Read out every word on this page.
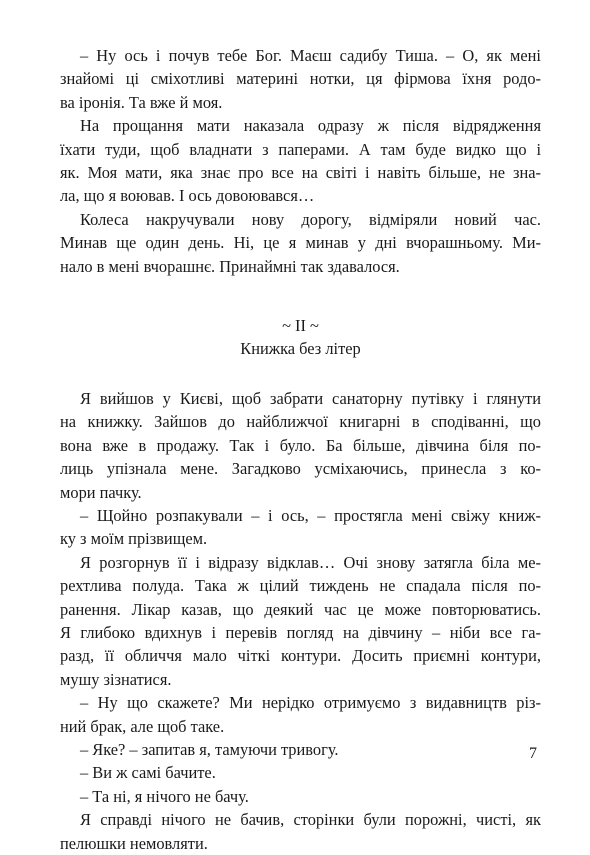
– Ну ось і почув тебе Бог. Маєш садибу Тиша. – О, як мені
знайомі ці сміхотливі материні нотки, ця фірмова їхня родо-
ва іронія. Та вже й моя.

На прощання мати наказала одразу ж після відрядження
їхати туди, щоб владнати з паперами. А там буде видко що і
як. Моя мати, яка знає про все на світі і навіть більше, не зна-
ла, що я воював. І ось довоювався…

Колеса накручували нову дорогу, відміряли новий час.
Минав ще один день. Ні, це я минав у дні вчорашньому. Ми-
нало в мені вчорашнє. Принаймні так здавалося.

~ II ~
Книжка без літер

Я вийшов у Києві, щоб забрати санаторну путівку і глянути
на книжку. Зайшов до найближчої книгарні в сподіванні, що
вона вже в продажу. Так і було. Ба більше, дівчина біля по-
лиць упізнала мене. Загадково усміхаючись, принесла з ко-
мори пачку.

– Щойно розпакували – і ось, – простягла мені свіжу книж-
ку з моїм прізвищем.

Я розгорнув її і відразу відклав… Очі знову затягла біла ме-
рехтлива полуда. Така ж цілий тиждень не спадала після по-
ранення. Лікар казав, що деякий час це може повторюватись.
Я глибоко вдихнув і перевів погляд на дівчину – ніби все га-
разд, її обличчя мало чіткі контури. Досить приємні контури,
мушу зізнатися.

– Ну що скажете? Ми нерідко отримуємо з видавництв різ-
ний брак, але щоб таке.

– Яке? – запитав я, тамуючи тривогу.

– Ви ж самі бачите.

– Та ні, я нічого не бачу.

Я справді нічого не бачив, сторінки були порожні, чисті, як
пелюшки немовляти.

7
